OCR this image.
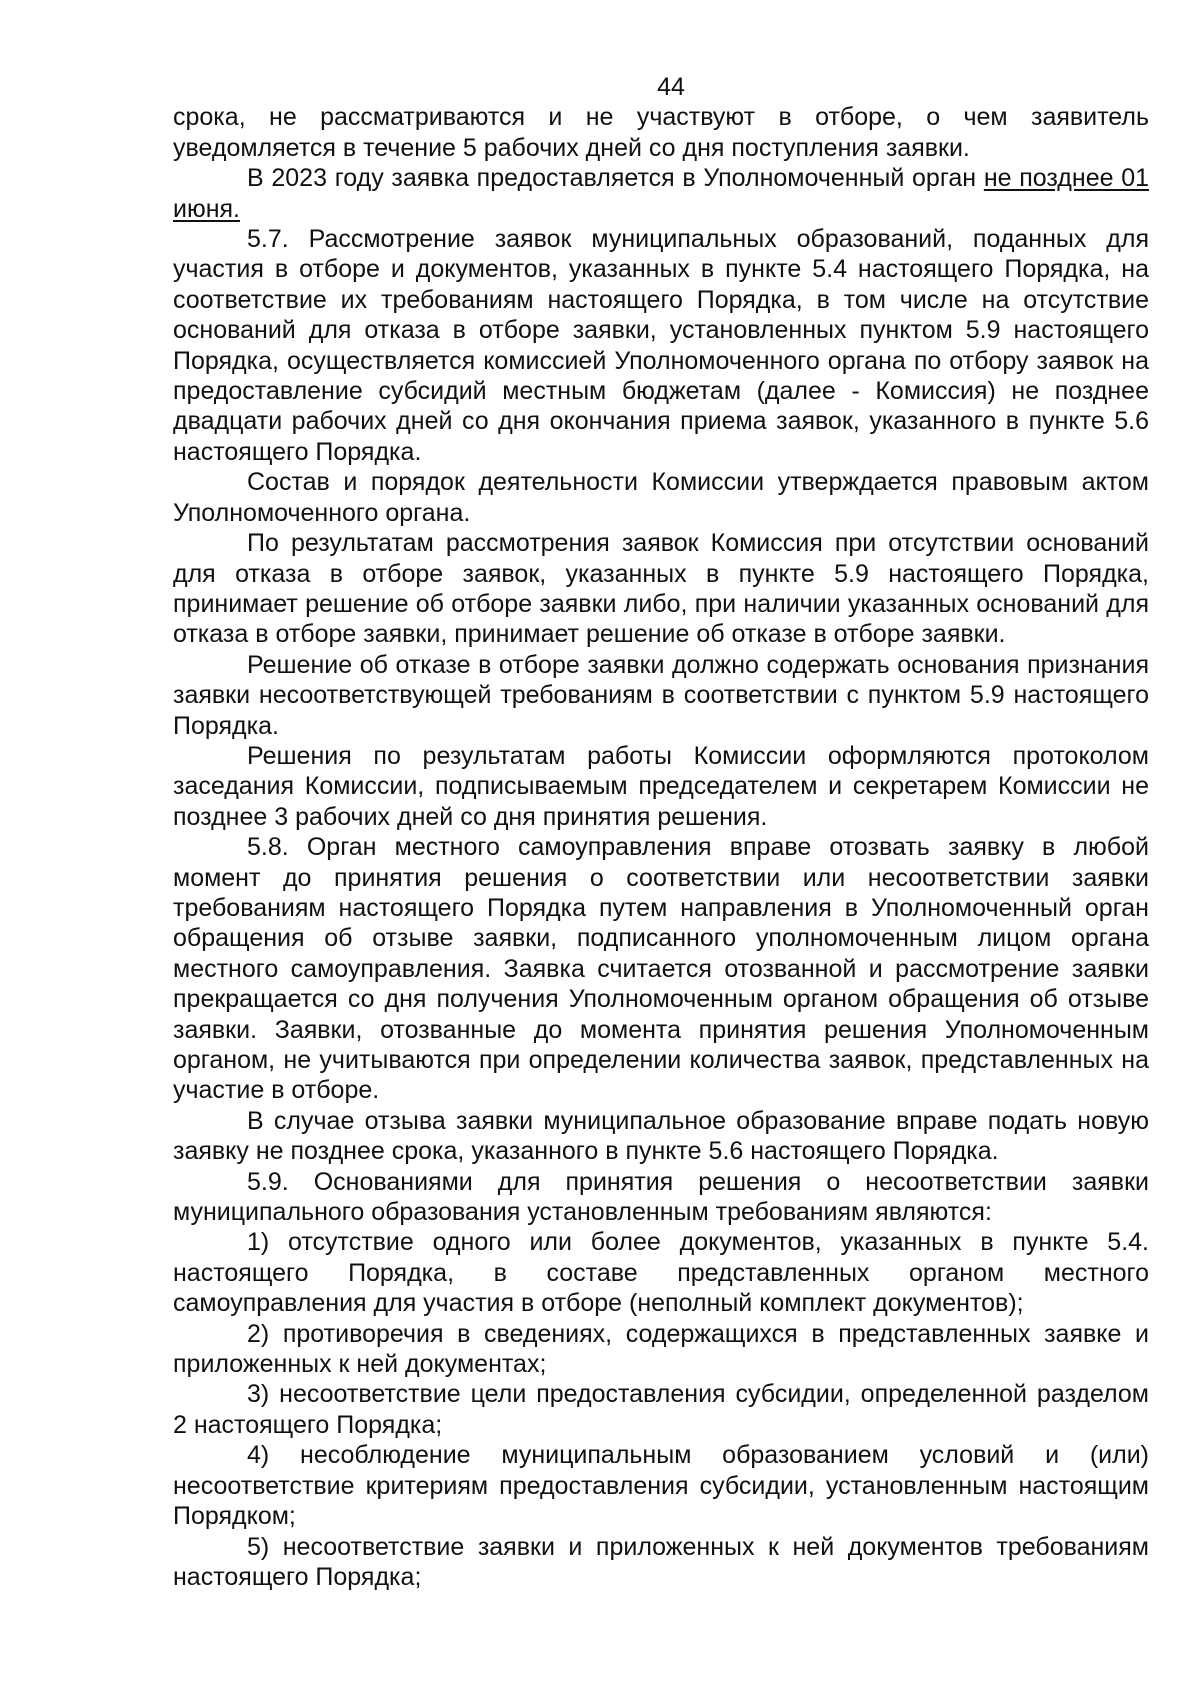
44

срока, не рассматриваются и не участвуют в отборе, о чем заявитель уведомляется в течение 5 рабочих дней со дня поступления заявки.

В 2023 году заявка предоставляется в Уполномоченный орган не позднее 01 июня.

5.7. Рассмотрение заявок муниципальных образований, поданных для участия в отборе и документов, указанных в пункте 5.4 настоящего Порядка, на соответствие их требованиям настоящего Порядка, в том числе на отсутствие оснований для отказа в отборе заявки, установленных пунктом 5.9 настоящего Порядка, осуществляется комиссией Уполномоченного органа по отбору заявок на предоставление субсидий местным бюджетам (далее - Комиссия) не позднее двадцати рабочих дней со дня окончания приема заявок, указанного в пункте 5.6 настоящего Порядка.

Состав и порядок деятельности Комиссии утверждается правовым актом Уполномоченного органа.

По результатам рассмотрения заявок Комиссия при отсутствии оснований для отказа в отборе заявок, указанных в пункте 5.9 настоящего Порядка, принимает решение об отборе заявки либо, при наличии указанных оснований для отказа в отборе заявки, принимает решение об отказе в отборе заявки.

Решение об отказе в отборе заявки должно содержать основания признания заявки несоответствующей требованиям в соответствии с пунктом 5.9 настоящего Порядка.

Решения по результатам работы Комиссии оформляются протоколом заседания Комиссии, подписываемым председателем и секретарем Комиссии не позднее 3 рабочих дней со дня принятия решения.

5.8. Орган местного самоуправления вправе отозвать заявку в любой момент до принятия решения о соответствии или несоответствии заявки требованиям настоящего Порядка путем направления в Уполномоченный орган обращения об отзыве заявки, подписанного уполномоченным лицом органа местного самоуправления. Заявка считается отозванной и рассмотрение заявки прекращается со дня получения Уполномоченным органом обращения об отзыве заявки. Заявки, отозванные до момента принятия решения Уполномоченным органом, не учитываются при определении количества заявок, представленных на участие в отборе.

В случае отзыва заявки муниципальное образование вправе подать новую заявку не позднее срока, указанного в пункте 5.6 настоящего Порядка.

5.9. Основаниями для принятия решения о несоответствии заявки муниципального образования установленным требованиям являются:

1) отсутствие одного или более документов, указанных в пункте 5.4. настоящего Порядка, в составе представленных органом местного самоуправления для участия в отборе (неполный комплект документов);

2) противоречия в сведениях, содержащихся в представленных заявке и приложенных к ней документах;

3) несоответствие цели предоставления субсидии, определенной разделом 2 настоящего Порядка;

4) несоблюдение муниципальным образованием условий и (или) несоответствие критериям предоставления субсидии, установленным настоящим Порядком;

5) несоответствие заявки и приложенных к ней документов требованиям настоящего Порядка;
